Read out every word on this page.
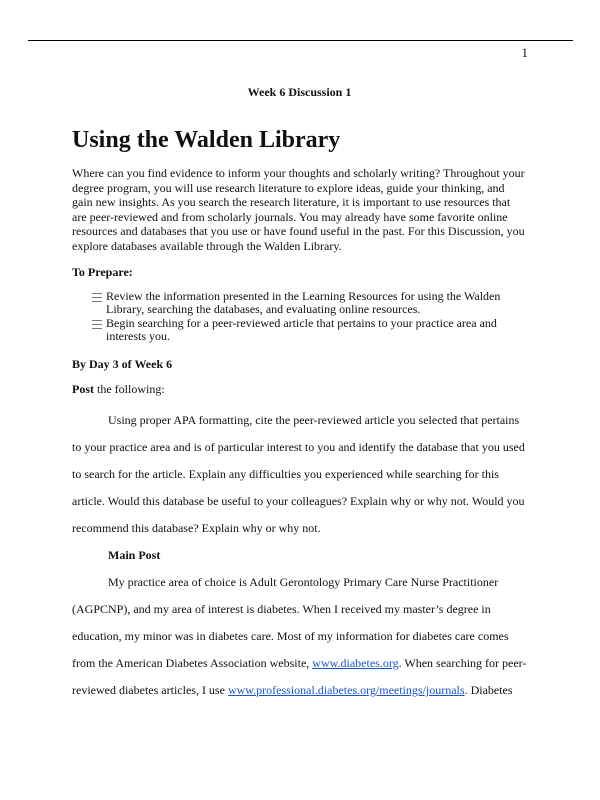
1
Week 6 Discussion 1
Using the Walden Library

Where can you find evidence to inform your thoughts and scholarly writing? Throughout your degree program, you will use research literature to explore ideas, guide your thinking, and gain new insights. As you search the research literature, it is important to use resources that are peer-reviewed and from scholarly journals. You may already have some favorite online resources and databases that you use or have found useful in the past. For this Discussion, you explore databases available through the Walden Library.

To Prepare:
Review the information presented in the Learning Resources for using the Walden Library, searching the databases, and evaluating online resources.
Begin searching for a peer-reviewed article that pertains to your practice area and interests you.
By Day 3 of Week 6

Post the following:

Using proper APA formatting, cite the peer-reviewed article you selected that pertains to your practice area and is of particular interest to you and identify the database that you used to search for the article. Explain any difficulties you experienced while searching for this article. Would this database be useful to your colleagues? Explain why or why not. Would you recommend this database? Explain why or why not.

Main Post

My practice area of choice is Adult Gerontology Primary Care Nurse Practitioner (AGPCNP), and my area of interest is diabetes. When I received my master’s degree in education, my minor was in diabetes care. Most of my information for diabetes care comes from the American Diabetes Association website, www.diabetes.org. When searching for peer-reviewed diabetes articles, I use www.professional.diabetes.org/meetings/journals. Diabetes
